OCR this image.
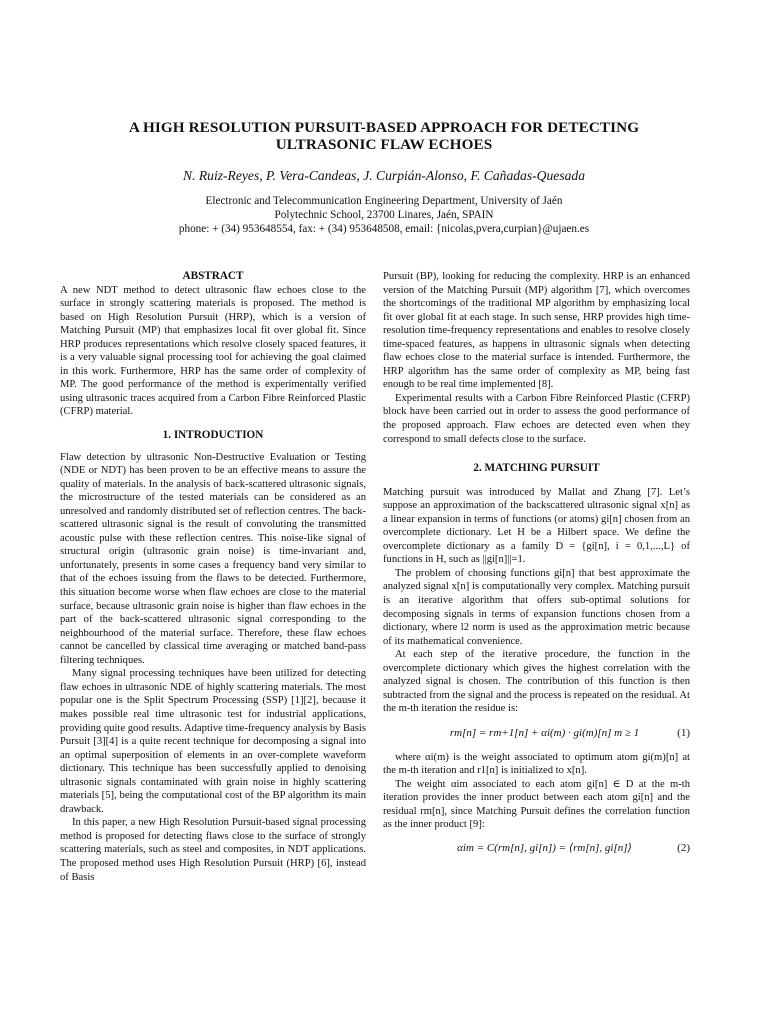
A HIGH RESOLUTION PURSUIT-BASED APPROACH FOR DETECTING
ULTRASONIC FLAW ECHOES
N. Ruiz-Reyes, P. Vera-Candeas, J. Curpián-Alonso, F. Cañadas-Quesada
Electronic and Telecommunication Engineering Department, University of Jaén
Polytechnic School, 23700 Linares, Jaén, SPAIN
phone: + (34) 953648554, fax: + (34) 953648508, email: {nicolas,pvera,curpian}@ujaen.es

ABSTRACT

A new NDT method to detect ultrasonic flaw echoes close to the surface in strongly scattering materials is proposed. The method is based on High Resolution Pursuit (HRP), which is a version of Matching Pursuit (MP) that emphasizes local fit over global fit. Since HRP produces representations which resolve closely spaced features, it is a very valuable signal processing tool for achieving the goal claimed in this work. Furthermore, HRP has the same order of complexity of MP. The good performance of the method is experimentally verified using ultrasonic traces acquired from a Carbon Fibre Reinforced Plastic (CFRP) material.

1. INTRODUCTION

Flaw detection by ultrasonic Non-Destructive Evaluation or Testing (NDE or NDT) has been proven to be an effective means to assure the quality of materials. In the analysis of back-scattered ultrasonic signals, the microstructure of the tested materials can be considered as an unresolved and randomly distributed set of reflection centres. The back-scattered ultrasonic signal is the result of convoluting the transmitted acoustic pulse with these reflection centres. This noise-like signal of structural origin (ultrasonic grain noise) is time-invariant and, unfortunately, presents in some cases a frequency band very similar to that of the echoes issuing from the flaws to be detected. Furthermore, this situation become worse when flaw echoes are close to the material surface, because ultrasonic grain noise is higher than flaw echoes in the part of the back-scattered ultrasonic signal corresponding to the neighbourhood of the material surface. Therefore, these flaw echoes cannot be cancelled by classical time averaging or matched band-pass filtering techniques.

Many signal processing techniques have been utilized for detecting flaw echoes in ultrasonic NDE of highly scattering materials. The most popular one is the Split Spectrum Processing (SSP) [1][2], because it makes possible real time ultrasonic test for industrial applications, providing quite good results. Adaptive time-frequency analysis by Basis Pursuit [3][4] is a quite recent technique for decomposing a signal into an optimal superposition of elements in an over-complete waveform dictionary. This technique has been successfully applied to denoising ultrasonic signals contaminated with grain noise in highly scattering materials [5], being the computational cost of the BP algorithm its main drawback.

In this paper, a new High Resolution Pursuit-based signal processing method is proposed for detecting flaws close to the surface of strongly scattering materials, such as steel and composites, in NDT applications. The proposed method uses High Resolution Pursuit (HRP) [6], instead of Basis

Pursuit (BP), looking for reducing the complexity. HRP is an enhanced version of the Matching Pursuit (MP) algorithm [7], which overcomes the shortcomings of the traditional MP algorithm by emphasizing local fit over global fit at each stage. In such sense, HRP provides high time-resolution time-frequency representations and enables to resolve closely time-spaced features, as happens in ultrasonic signals when detecting flaw echoes close to the material surface is intended. Furthermore, the HRP algorithm has the same order of complexity as MP, being fast enough to be real time implemented [8].

Experimental results with a Carbon Fibre Reinforced Plastic (CFRP) block have been carried out in order to assess the good performance of the proposed approach. Flaw echoes are detected even when they correspond to small defects close to the surface.

2. MATCHING PURSUIT

Matching pursuit was introduced by Mallat and Zhang [7]. Let’s suppose an approximation of the backscattered ultrasonic signal x[n] as a linear expansion in terms of functions (or atoms) gi[n] chosen from an overcomplete dictionary. Let H be a Hilbert space. We define the overcomplete dictionary as a family D = {gi[n], i = 0,1,...,L} of functions in H, such as ||gi[n]||=1.

The problem of choosing functions gi[n] that best approximate the analyzed signal x[n] is computationally very complex. Matching pursuit is an iterative algorithm that offers sub-optimal solutions for decomposing signals in terms of expansion functions chosen from a dictionary, where l2 norm is used as the approximation metric because of its mathematical convenience.

At each step of the iterative procedure, the function in the overcomplete dictionary which gives the highest correlation with the analyzed signal is chosen. The contribution of this function is then subtracted from the signal and the process is repeated on the residual. At the m-th iteration the residue is:

rm[n] = rm+1[n] + αi(m) · gi(m)[n] m ≥ 1	(1)

where αi(m) is the weight associated to optimum atom gi(m)[n] at the m-th iteration and r1[n] is initialized to x[n].

The weight αim associated to each atom gi[n] ∈ D at the m-th iteration provides the inner product between each atom gi[n] and the residual rm[n], since Matching Pursuit defines the correlation function as the inner product [9]:

αim = C(rm[n], gi[n]) = ⟨rm[n], gi[n]⟩	(2)
